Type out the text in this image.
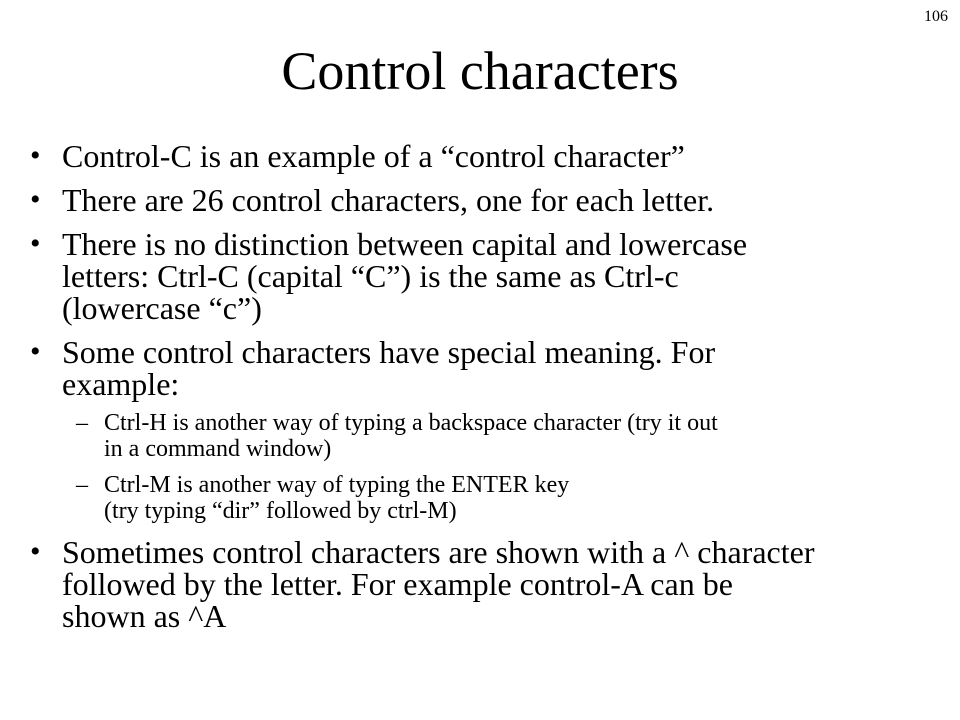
106
Control characters
• Control-C is an example of a “control character”
• There are 26 control characters, one for each letter.
• There is no distinction between capital and lowercase
letters: Ctrl-C (capital “C”) is the same as Ctrl-c
(lowercase “c”)
• Some control characters have special meaning. For
example:
– Ctrl-H is another way of typing a backspace character (try it out
in a command window)
– Ctrl-M is another way of typing the ENTER key
(try typing “dir” followed by ctrl-M)
• Sometimes control characters are shown with a ^ character
followed by the letter. For example control-A can be
shown as ^A
